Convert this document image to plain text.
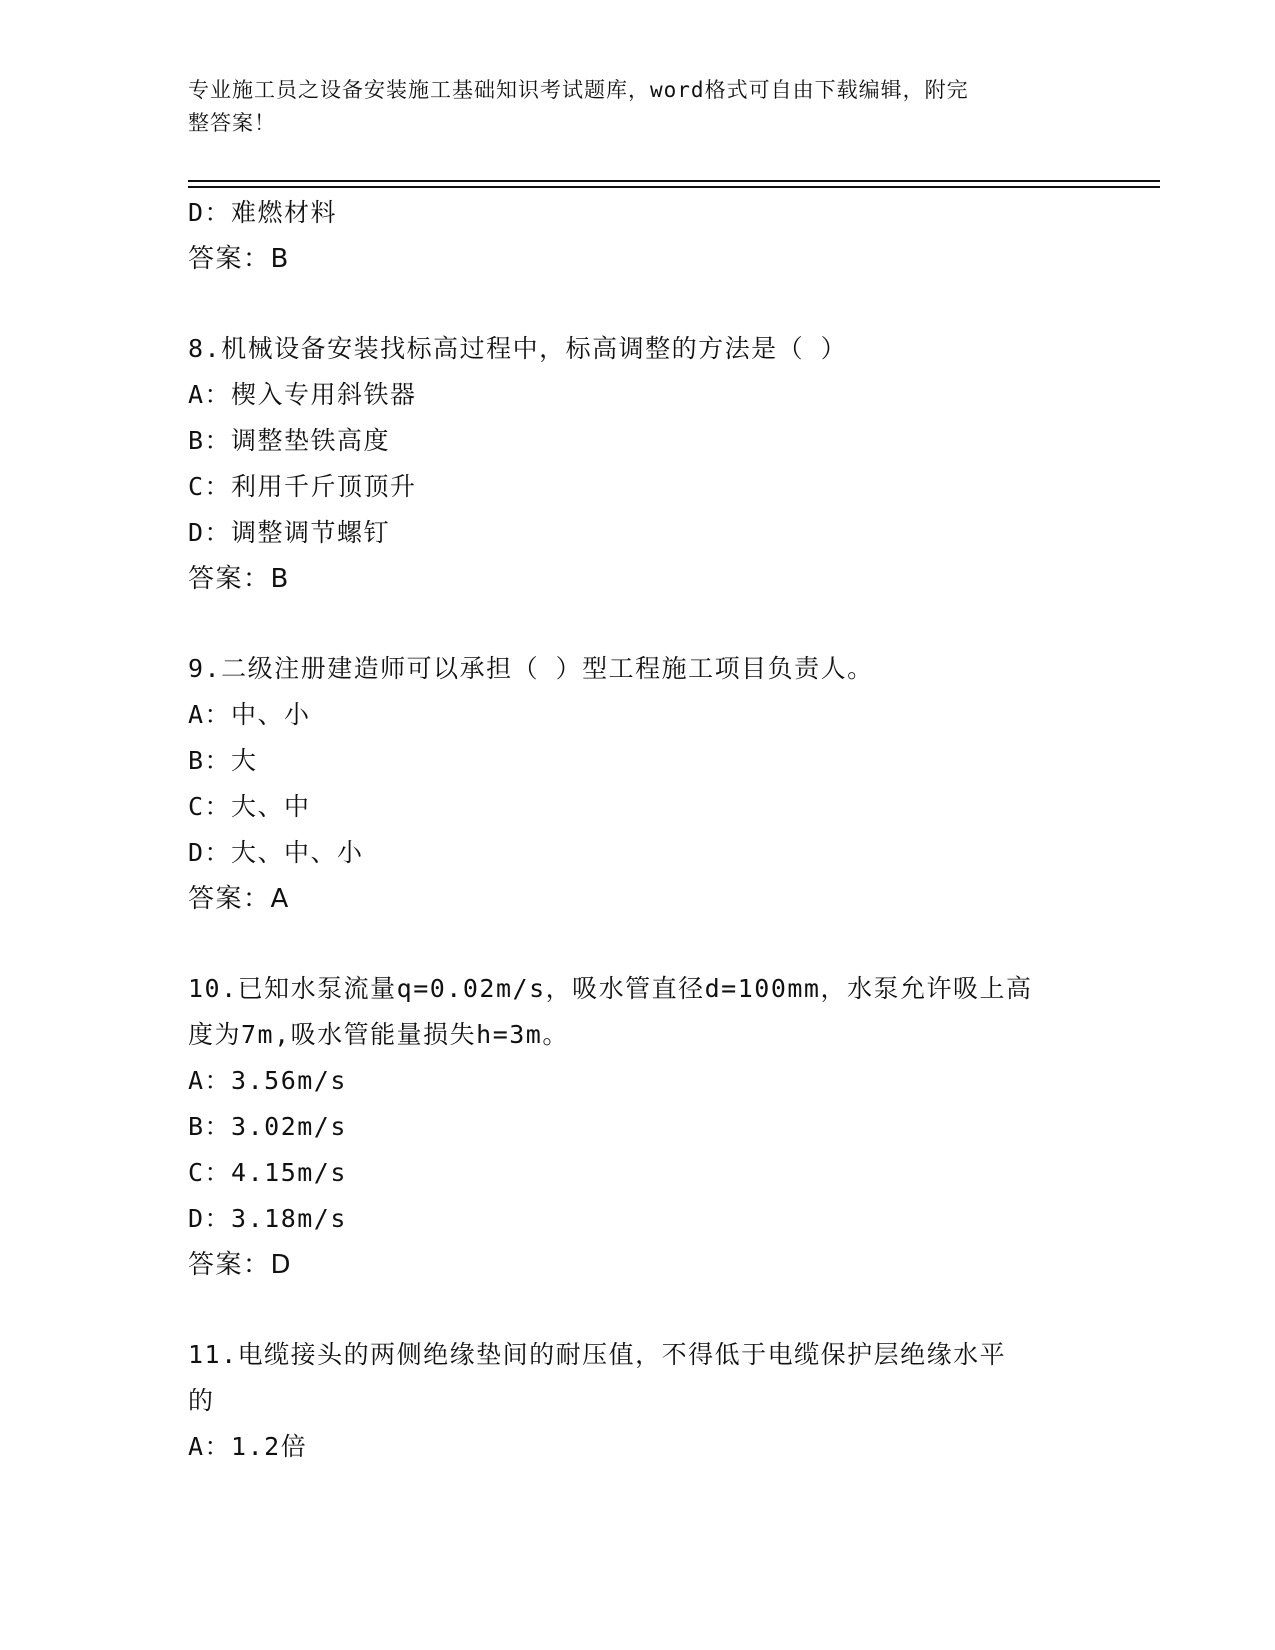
专业施工员之设备安装施工基础知识考试题库，word格式可自由下载编辑，附完
整答案！
D：难燃材料
答案：B
8.机械设备安装找标高过程中，标高调整的方法是（ ）
A：楔入专用斜铁器
B：调整垫铁高度
C：利用千斤顶顶升
D：调整调节螺钉
答案：B
9.二级注册建造师可以承担（ ）型工程施工项目负责人。
A：中、小
B：大
C：大、中
D：大、中、小
答案：A
10.已知水泵流量q=0.02m/s，吸水管直径d=100mm，水泵允许吸上高
度为7m,吸水管能量损失h=3m。
A：3.56m/s
B：3.02m/s
C：4.15m/s
D：3.18m/s
答案：D
11.电缆接头的两侧绝缘垫间的耐压值，不得低于电缆保护层绝缘水平
的
A：1.2倍
